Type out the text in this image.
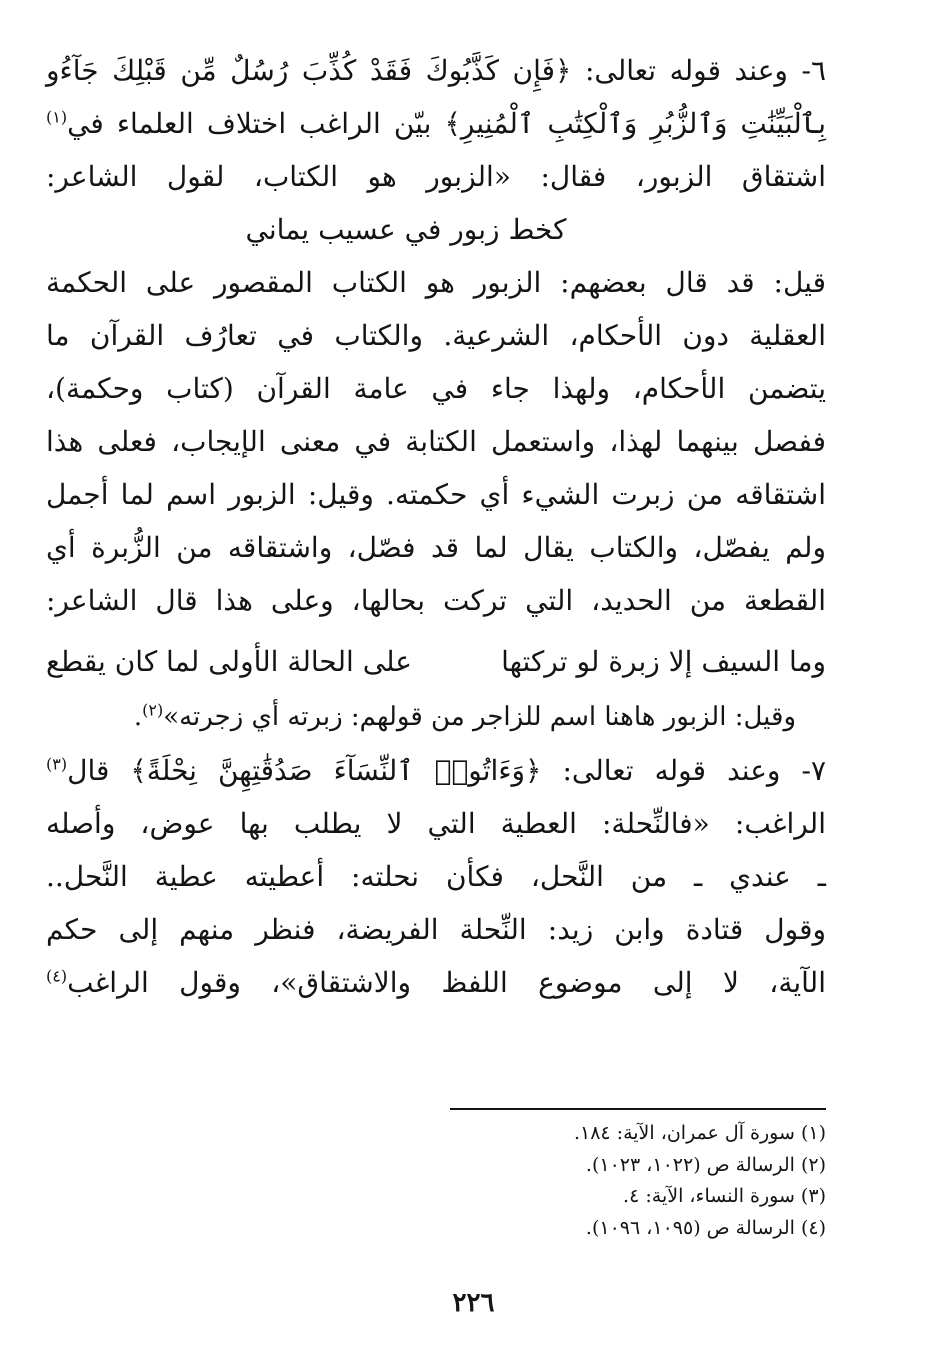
٦- وعند قوله تعالى: ﴿فَإِن كَذَّبُوكَ فَقَدْ كُذِّبَ رُسُلٌ مِّن قَبْلِكَ جَآءُو
بِٱلْبَيِّنَٰتِ وَٱلزُّبُرِ وَٱلْكِتَٰبِ ٱلْمُنِيرِ﴾ بيّن الراغب اختلاف العلماء في$^{(١)}$
اشتقاق الزبور، فقال: «الزبور هو الكتاب، لقول الشاعر:
كخط زبور في عسيب يماني
قيل: قد قال بعضهم: الزبور هو الكتاب المقصور على الحكمة
العقلية دون الأحكام، الشرعية. والكتاب في تعارُف القرآن ما
يتضمن الأحكام، ولهذا جاء في عامة القرآن (كتاب وحكمة)،
ففصل بينهما لهذا، واستعمل الكتابة في معنى الإيجاب، فعلى هذا
اشتقاقه من زبرت الشيء أي حكمته. وقيل: الزبور اسم لما أجمل
ولم يفصّل، والكتاب يقال لما قد فصّل، واشتقاقه من الزُّبرة أي
القطعة من الحديد، التي تركت بحالها، وعلى هذا قال الشاعر:
وما السيف إلا زبرة لو تركتها
على الحالة الأولى لما كان يقطع
وقيل: الزبور هاهنا اسم للزاجر من قولهم: زبرته أي زجرته»$^{(٢)}$.
٧- وعند قوله تعالى: ﴿وَءَاتُوا۟ ٱلنِّسَآءَ صَدُقَٰتِهِنَّ نِحْلَةً﴾ قال$^{(٣)}$
الراغب: «فالنِّحلة: العطية التي لا يطلب بها عوض، وأصله
ـ عندي ـ من النَّحل، فكأن نحلته: أعطيته عطية النَّحل..
وقول قتادة وابن زيد: النِّحلة الفريضة، فنظر منهم إلى حكم
الآية، لا إلى موضوع اللفظ والاشتقاق»، وقول الراغب$^{(٤)}$
(١) سورة آل عمران، الآية: ١٨٤.
(٢) الرسالة ص (١٠٢٢، ١٠٢٣).
(٣) سورة النساء، الآية: ٤.
(٤) الرسالة ص (١٠٩٥، ١٠٩٦).
٢٢٦
